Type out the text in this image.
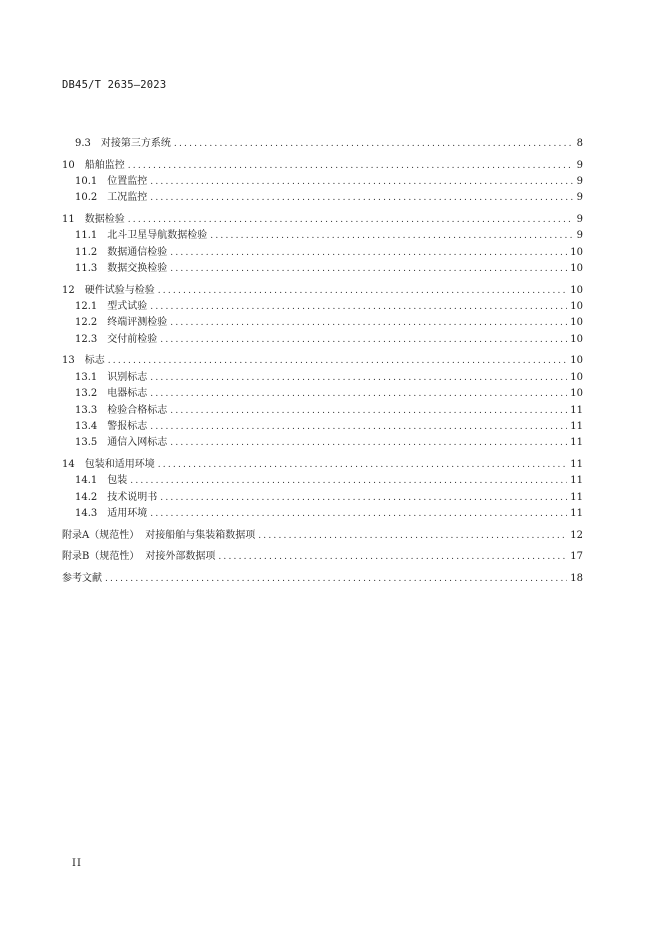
DB45/T 2635—2023
9.3 对接第三方系统 .....	8
10 船舶监控 .....	9
10.1 位置监控 .....	9
10.2 工况监控 .....	9
11 数据检验 .....	9
11.1 北斗卫星导航数据检验 .....	9
11.2 数据通信检验 .....	10
11.3 数据交换检验 .....	10
12 硬件试验与检验 .....	10
12.1 型式试验 .....	10
12.2 终端评测检验 .....	10
12.3 交付前检验 .....	10
13 标志 .....	10
13.1 识别标志 .....	10
13.2 电器标志 .....	10
13.3 检验合格标志 .....	11
13.4 警报标志 .....	11
13.5 通信入网标志 .....	11
14 包装和适用环境 .....	11
14.1 包装 .....	11
14.2 技术说明书 .....	11
14.3 适用环境 .....	11
附录A（规范性） 对接船舶与集装箱数据项 .....	12
附录B（规范性） 对接外部数据项 .....	17
参考文献 .....	18
II
